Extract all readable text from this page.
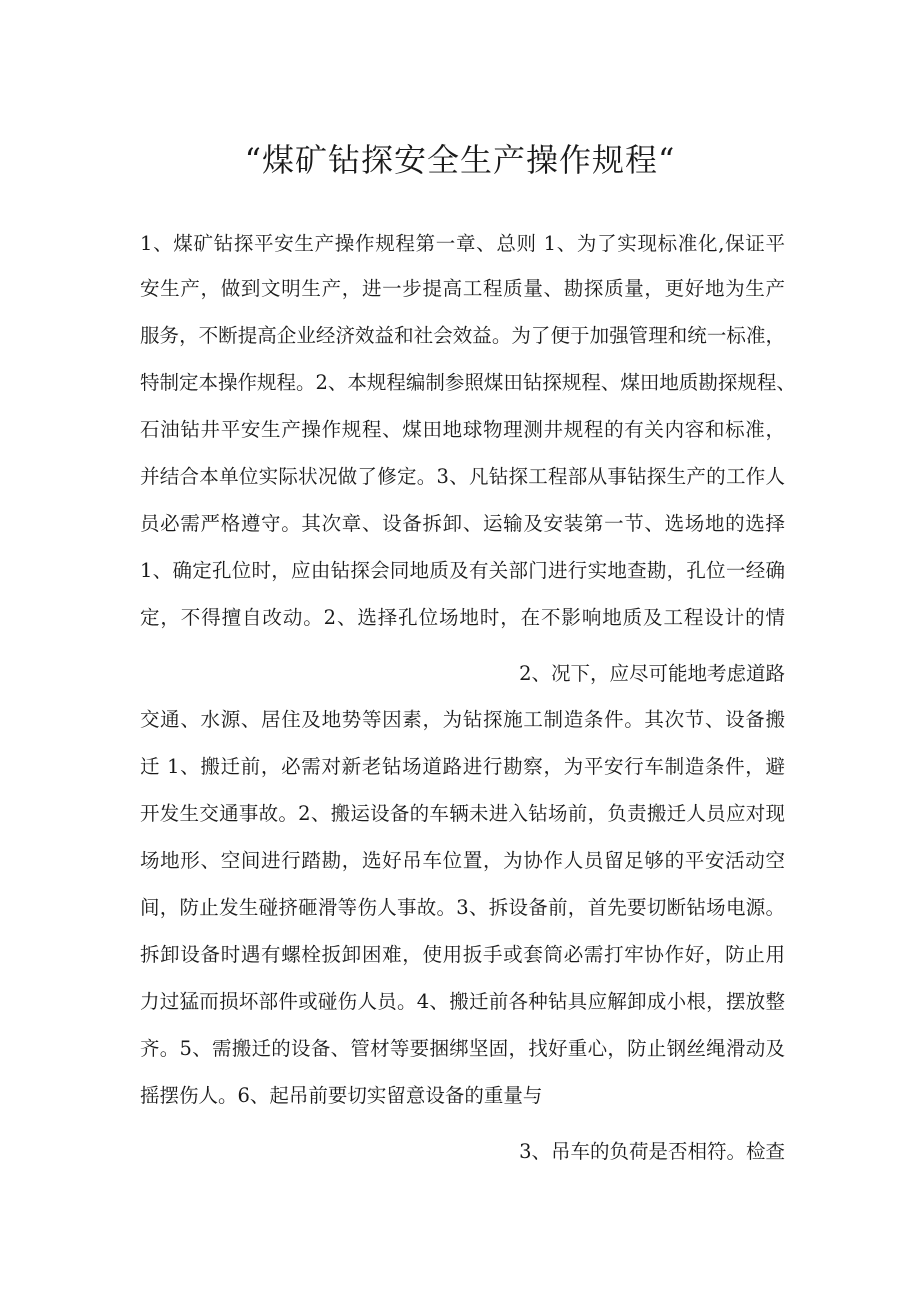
“煤矿钻探安全生产操作规程“

1、煤矿钻探平安生产操作规程第一章、总则 1、为了实现标准化,保证平

安生产，做到文明生产，进一步提高工程质量、勘探质量，更好地为生产

服务，不断提高企业经济效益和社会效益。为了便于加强管理和统一标准，

特制定本操作规程。2、本规程编制参照煤田钻探规程、煤田地质勘探规程、

石油钻井平安生产操作规程、煤田地球物理测井规程的有关内容和标准，

并结合本单位实际状况做了修定。3、凡钻探工程部从事钻探生产的工作人

员必需严格遵守。其次章、设备拆卸、运输及安装第一节、选场地的选择

1、确定孔位时，应由钻探会同地质及有关部门进行实地查勘，孔位一经确

定，不得擅自改动。2、选择孔位场地时，在不影响地质及工程设计的情

2、况下，应尽可能地考虑道路

交通、水源、居住及地势等因素，为钻探施工制造条件。其次节、设备搬

迁 1、搬迁前，必需对新老钻场道路进行勘察，为平安行车制造条件，避

开发生交通事故。2、搬运设备的车辆未进入钻场前，负责搬迁人员应对现

场地形、空间进行踏勘，选好吊车位置，为协作人员留足够的平安活动空

间，防止发生碰挤砸滑等伤人事故。3、拆设备前，首先要切断钻场电源。

拆卸设备时遇有螺栓扳卸困难，使用扳手或套筒必需打牢协作好，防止用

力过猛而损坏部件或碰伤人员。4、搬迁前各种钻具应解卸成小根，摆放整

齐。5、需搬迁的设备、管材等要捆绑坚固，找好重心，防止钢丝绳滑动及

摇摆伤人。6、起吊前要切实留意设备的重量与

3、吊车的负荷是否相符。检查
